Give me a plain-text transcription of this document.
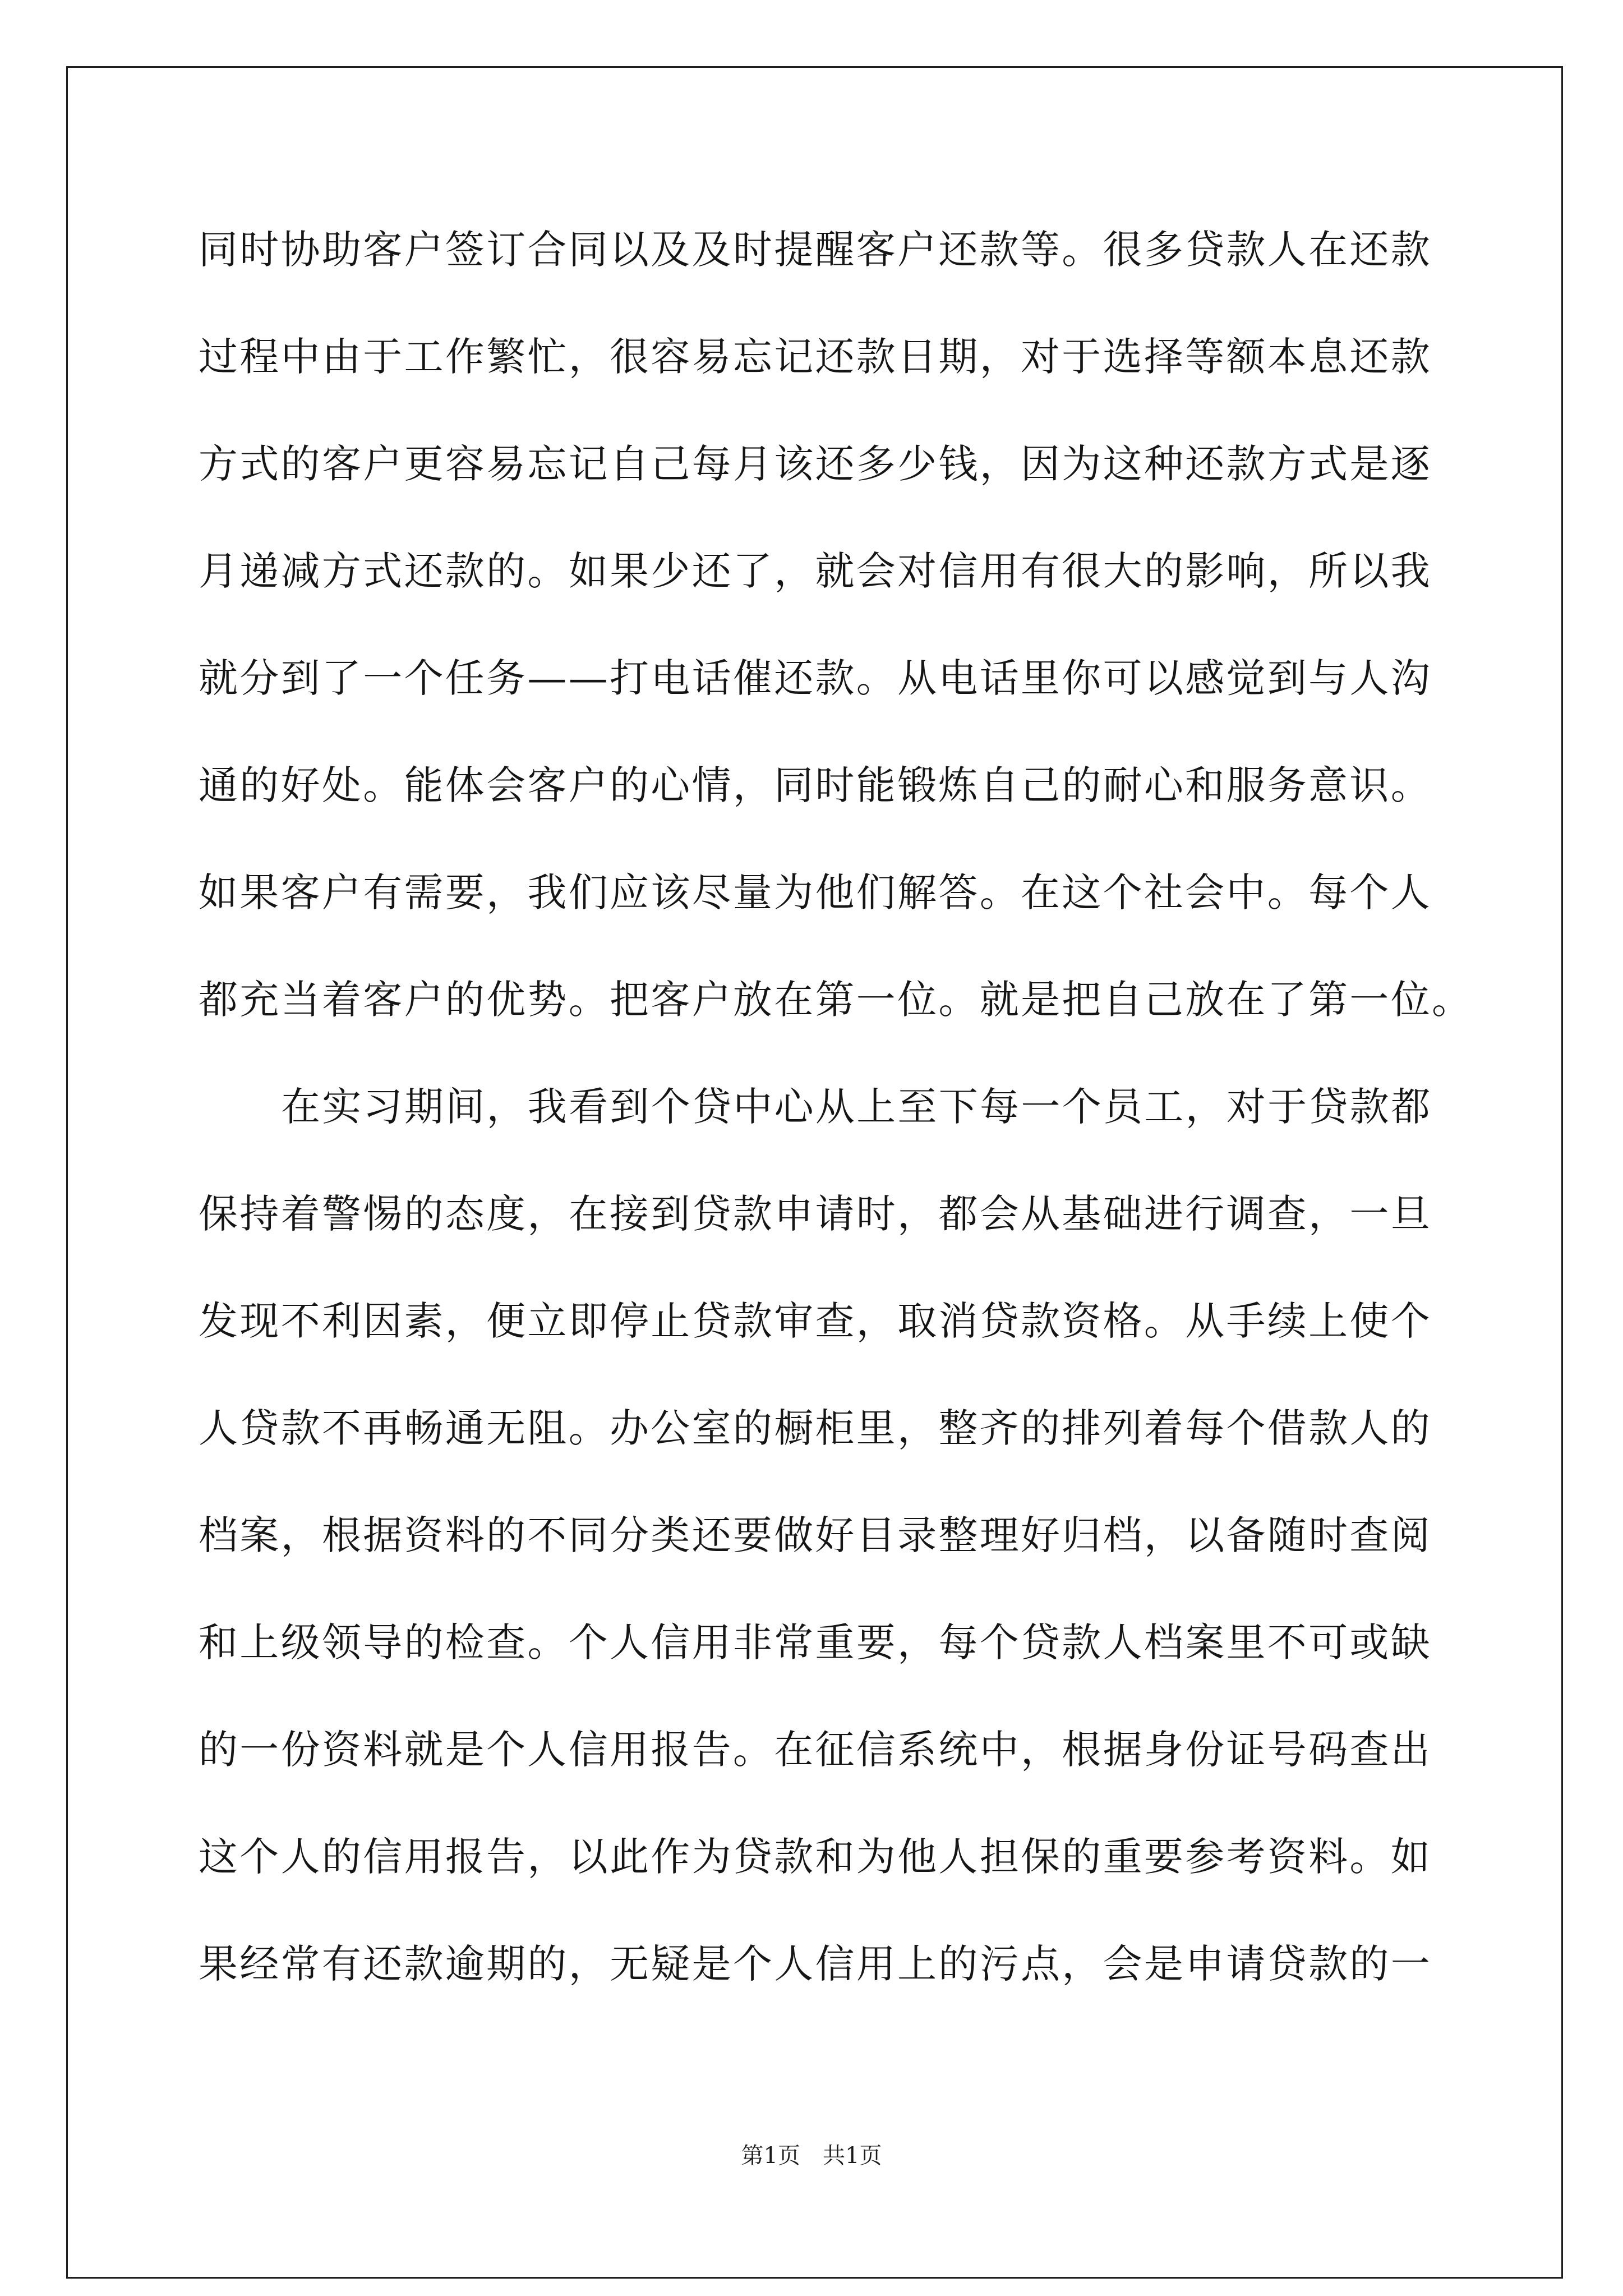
同时协助客户签订合同以及及时提醒客户还款等。很多贷款人在还款
过程中由于工作繁忙，很容易忘记还款日期，对于选择等额本息还款
方式的客户更容易忘记自己每月该还多少钱，因为这种还款方式是逐
月递减方式还款的。如果少还了，就会对信用有很大的影响，所以我
就分到了一个任务——打电话催还款。从电话里你可以感觉到与人沟
通的好处。能体会客户的心情，同时能锻炼自己的耐心和服务意识。
如果客户有需要，我们应该尽量为他们解答。在这个社会中。每个人
都充当着客户的优势。把客户放在第一位。就是把自己放在了第一位。
在实习期间，我看到个贷中心从上至下每一个员工，对于贷款都
保持着警惕的态度，在接到贷款申请时，都会从基础进行调查，一旦
发现不利因素，便立即停止贷款审查，取消贷款资格。从手续上使个
人贷款不再畅通无阻。办公室的橱柜里，整齐的排列着每个借款人的
档案，根据资料的不同分类还要做好目录整理好归档，以备随时查阅
和上级领导的检查。个人信用非常重要，每个贷款人档案里不可或缺
的一份资料就是个人信用报告。在征信系统中，根据身份证号码查出
这个人的信用报告，以此作为贷款和为他人担保的重要参考资料。如
果经常有还款逾期的，无疑是个人信用上的污点，会是申请贷款的一
第1页　共1页
